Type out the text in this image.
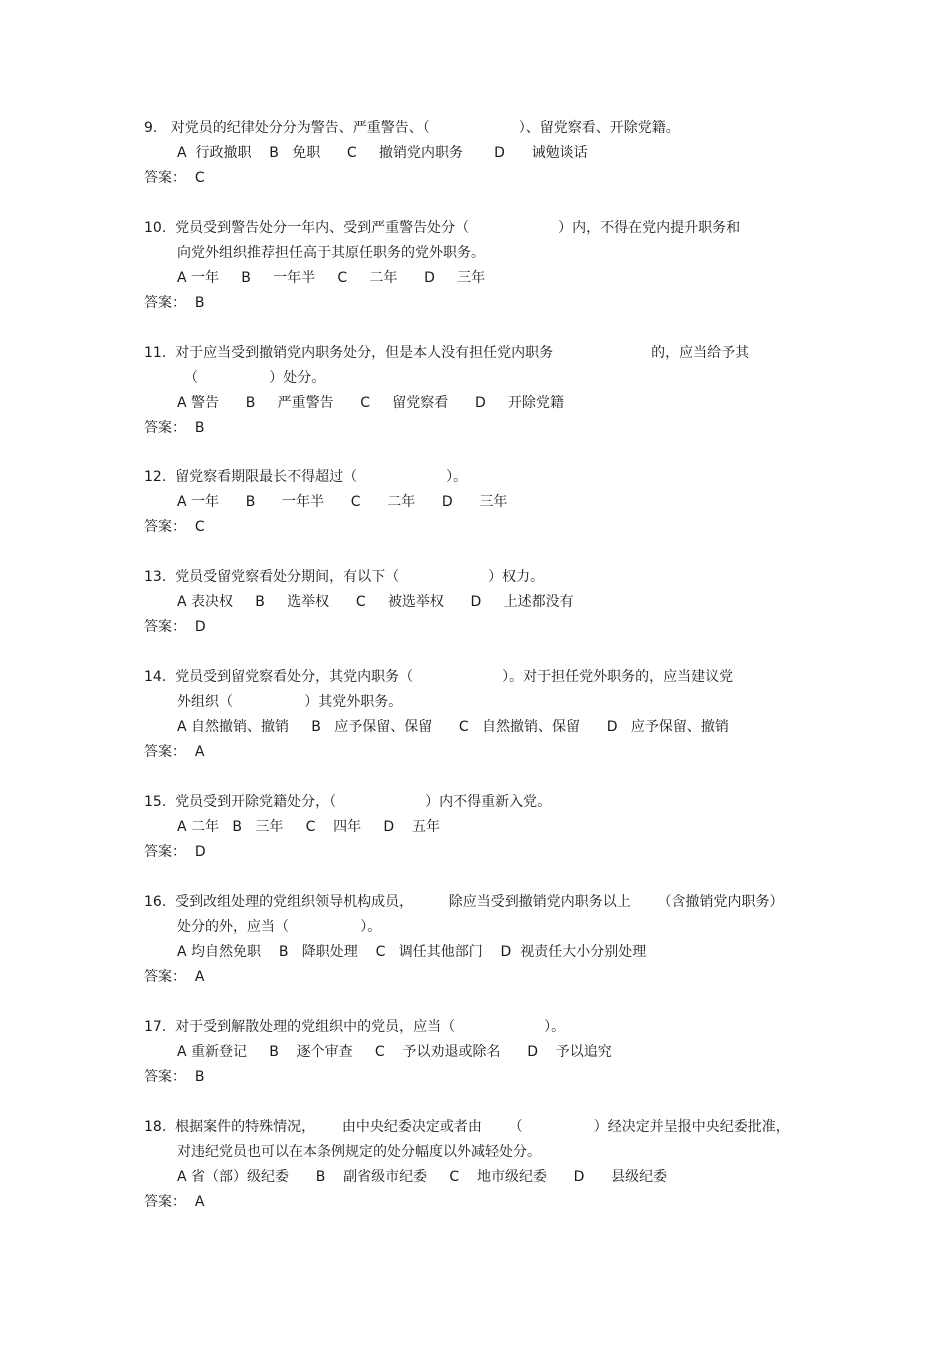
9.   对党员的纪律处分分为警告、严重警告、（                    ）、留党察看、开除党籍。
A  行政撤职    B   免职      C     撤销党内职务       D      诫勉谈话
答案：  C
10.  党员受到警告处分一年内、受到严重警告处分（                    ）内，不得在党内提升职务和
向党外组织推荐担任高于其原任职务的党外职务。
A 一年     B     一年半     C     二年      D     三年
答案：  B
11.  对于应当受到撤销党内职务处分，但是本人没有担任党内职务                      的，应当给予其
（                ）处分。
A 警告      B     严重警告      C     留党察看      D     开除党籍
答案：  B
12.  留党察看期限最长不得超过（                    ）。
A 一年      B      一年半      C      二年      D      三年
答案：  C
13.  党员受留党察看处分期间，有以下（                    ）权力。
A 表决权     B     选举权      C     被选举权      D     上述都没有
答案：  D
14.  党员受到留党察看处分，其党内职务（                    ）。对于担任党外职务的，应当建议党
外组织（                ）其党外职务。
A 自然撤销、撤销     B   应予保留、保留      C   自然撤销、保留      D   应予保留、撤销
答案：  A
15.  党员受到开除党籍处分，（                    ）内不得重新入党。
A 二年   B   三年     C    四年     D    五年
答案：  D
16.  受到改组处理的党组织领导机构成员，        除应当受到撤销党内职务以上      （含撤销党内职务）
处分的外，应当（                ）。
A 均自然免职    B   降职处理    C   调任其他部门    D  视责任大小分别处理
答案：  A
17.  对于受到解散处理的党组织中的党员，应当（                    ）。
A 重新登记     B    逐个审查     C    予以劝退或除名      D    予以追究
答案：  B
18.  根据案件的特殊情况，      由中央纪委决定或者由      （                ）经决定并呈报中央纪委批准，
对违纪党员也可以在本条例规定的处分幅度以外减轻处分。
A 省（部）级纪委      B    副省级市纪委     C    地市级纪委      D      县级纪委
答案：  A
